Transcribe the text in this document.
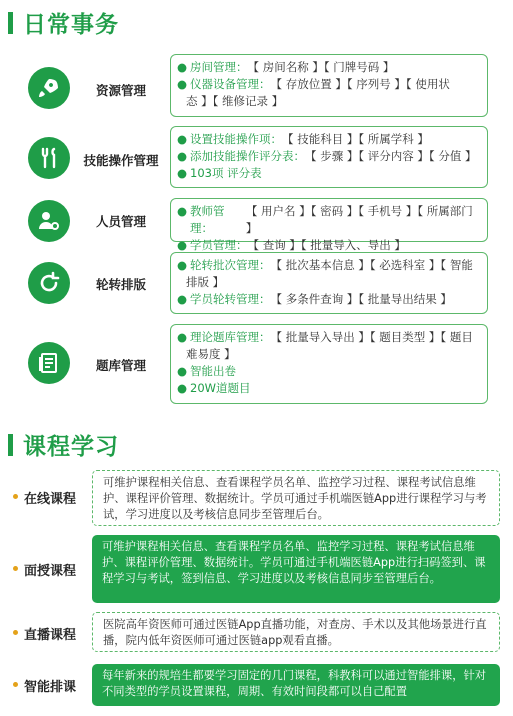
日常事务
资源管理
● 房间管理： 【 房间名称 】【 门牌号码 】
● 仪器设备管理： 【 存放位置 】【 序列号 】【 使用状
态 】【 维修记录 】
技能操作管理
● 设置技能操作项： 【 技能科目 】【 所属学科 】
● 添加技能操作评分表： 【 步骤 】【 评分内容 】【 分值 】
● 103项 评分表
人员管理
● 教师管理：
【 用户名 】【 密码 】【 手机号 】【 所属部门 】
● 学员管理： 【 查询 】【 批量导入、导出 】
轮转排版
● 轮转批次管理： 【 批次基本信息 】【 必选科室 】【 智能
排版 】
● 学员轮转管理： 【 多条件查询 】【 批量导出结果 】
题库管理
● 理论题库管理： 【 批量导入导出 】【 题目类型 】【 题目
难易度 】
● 智能出卷
● 20W道题目
课程学习
在线课程
可维护课程相关信息、查看课程学员名单、监控学习过程、课程考试信息维护、课程评价管理、数据统计。学员可通过手机端医链App进行课程学习与考试，学习进度以及考核信息同步至管理后台。
面授课程
可维护课程相关信息、查看课程学员名单、监控学习过程、课程考试信息维护、课程评价管理、数据统计。学员可通过手机端医链App进行扫码签到、课程学习与考试，签到信息、学习进度以及考核信息同步至管理后台。
直播课程
医院高年资医师可通过医链App直播功能，对查房、手术以及其他场景进行直播，院内低年资医师可通过医链app观看直播。
智能排课
每年新来的规培生都要学习固定的几门课程，科教科可以通过智能排课，针对不同类型的学员设置课程，周期、有效时间段都可以自己配置
